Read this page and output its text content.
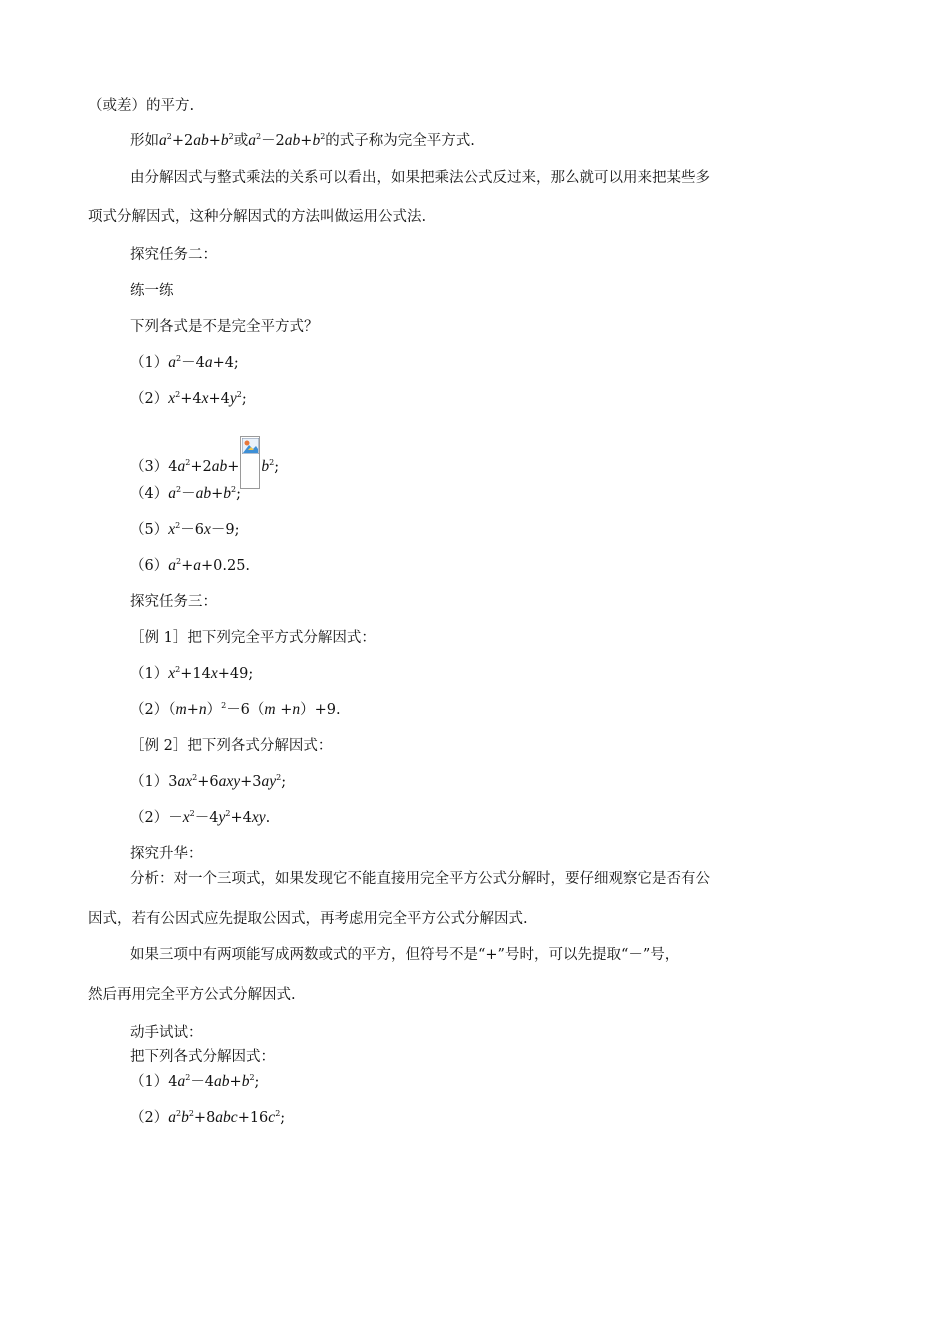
（或差）的平方.
形如$a^2+2ab+b^2$或$a^2-2ab+b^2$的式子称为完全平方式.
由分解因式与整式乘法的关系可以看出，如果把乘法公式反过来，那么就可以用来把某些多
项式分解因式，这种分解因式的方法叫做运用公式法.
探究任务二：
练一练
下列各式是不是完全平方式？
$(1)a^2-4a+4$;
$(2)x^2+4x+4y^2$;
$(3)4a^2+2ab+ b^2$;
$(4)a^2-ab+b^2$;
$(5)x^2-6x-9$;
$(6)a^2+a+0.25$.
探究任务三：
［例 1］把下列完全平方式分解因式：
$(1)x^2+14x+49$;
$(2)(m+n)^2-6(m +n)+9$.
［例 2］把下列各式分解因式：
$(1)3ax^2+6axy+3ay^2$;
$(2)-x^2-4y^2+4xy$.
探究升华：
分析：对一个三项式，如果发现它不能直接用完全平方公式分解时，要仔细观察它是否有公
因式，若有公因式应先提取公因式，再考虑用完全平方公式分解因式.
如果三项中有两项能写成两数或式的平方，但符号不是“+”号时，可以先提取“－”号，
然后再用完全平方公式分解因式.
动手试试：
把下列各式分解因式：
$(1)4a^2-4ab+b^2$;
$(2)a^2b^2+8abc+16c^2$;
